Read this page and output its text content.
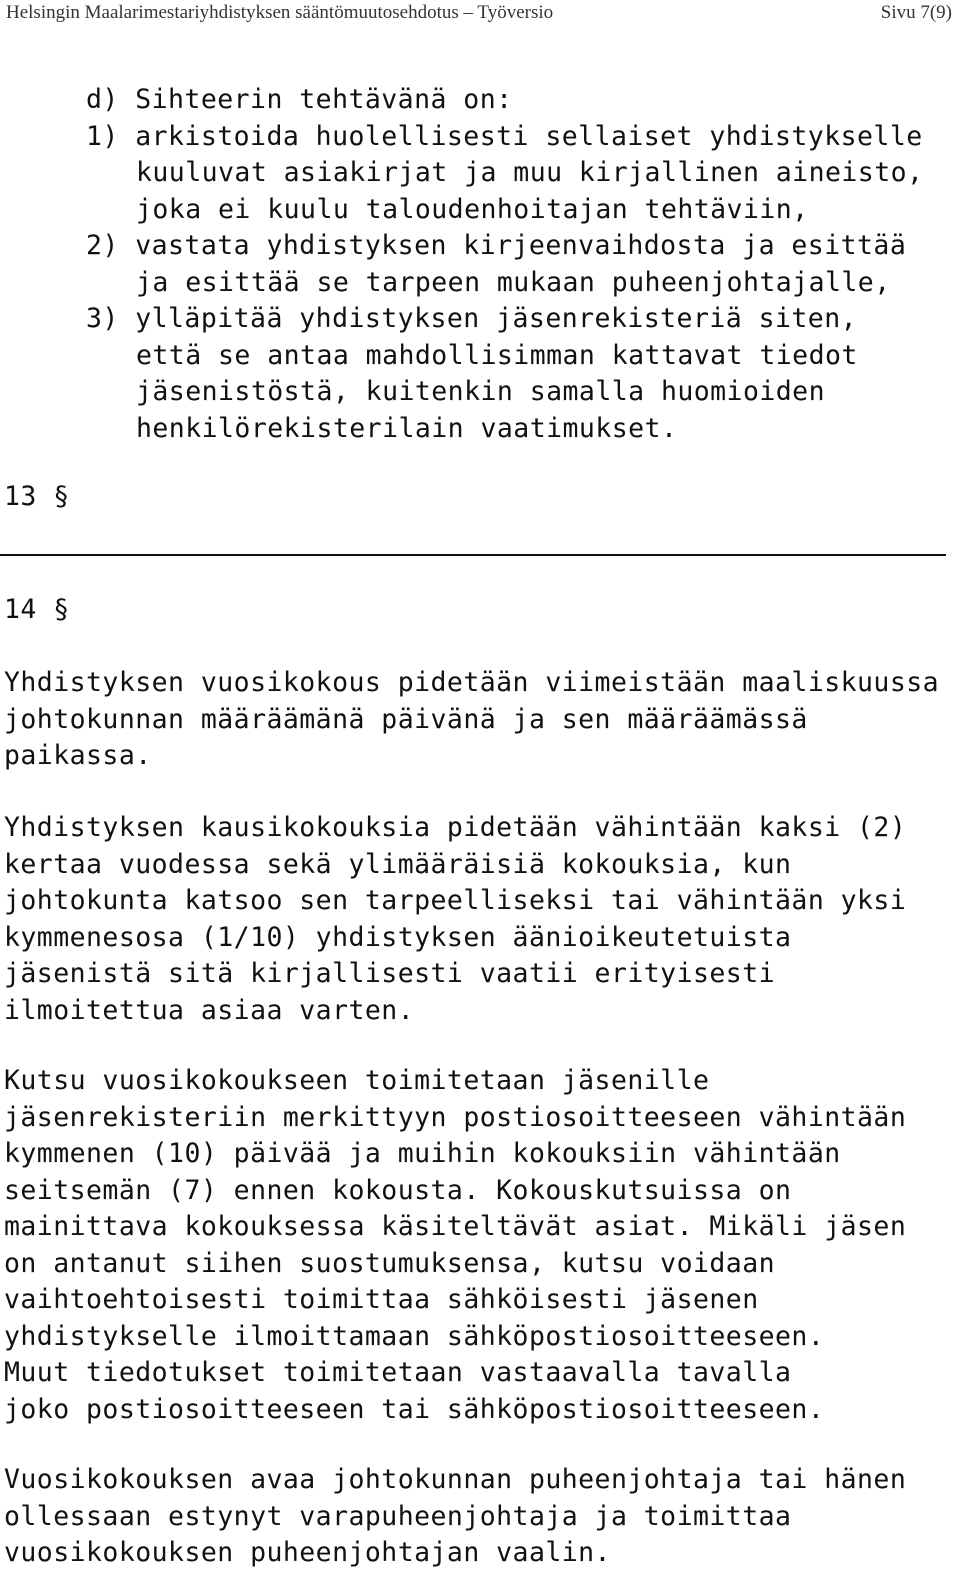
Helsingin Maalarimestariyhdistyksen sääntömuutosehdotus – Työversio	Sivu 7(9)
d) Sihteerin tehtävänä on:
1) arkistoida huolellisesti sellaiset yhdistykselle
kuuluvat asiakirjat ja muu kirjallinen aineisto,
joka ei kuulu taloudenhoitajan tehtäviin,
2) vastata yhdistyksen kirjeenvaihdosta ja esittää
ja esittää se tarpeen mukaan puheenjohtajalle,
3) ylläpitää yhdistyksen jäsenrekisteriä siten,
että se antaa mahdollisimman kattavat tiedot
jäsenistöstä, kuitenkin samalla huomioiden
henkilörekisterilain vaatimukset.
13 §
14 §
Yhdistyksen vuosikokous pidetään viimeistään maaliskuussa
johtokunnan määräämänä päivänä ja sen määräämässä
paikassa.
Yhdistyksen kausikokouksia pidetään vähintään kaksi (2)
kertaa vuodessa sekä ylimääräisiä kokouksia, kun
johtokunta katsoo sen tarpeelliseksi tai vähintään yksi
kymmenesosa (1/10) yhdistyksen äänioikeutetuista
jäsenistä sitä kirjallisesti vaatii erityisesti
ilmoitettua asiaa varten.
Kutsu vuosikokoukseen toimitetaan jäsenille
jäsenrekisteriin merkittyyn postiosoitteeseen vähintään
kymmenen (10) päivää ja muihin kokouksiin vähintään
seitsemän (7) ennen kokousta. Kokouskutsuissa on
mainittava kokouksessa käsiteltävät asiat. Mikäli jäsen
on antanut siihen suostumuksensa, kutsu voidaan
vaihtoehtoisesti toimittaa sähköisesti jäsenen
yhdistykselle ilmoittamaan sähköpostiosoitteeseen.
Muut tiedotukset toimitetaan vastaavalla tavalla
joko postiosoitteeseen tai sähköpostiosoitteeseen.
Vuosikokouksen avaa johtokunnan puheenjohtaja tai hänen
ollessaan estynyt varapuheenjohtaja ja toimittaa
vuosikokouksen puheenjohtajan vaalin.
